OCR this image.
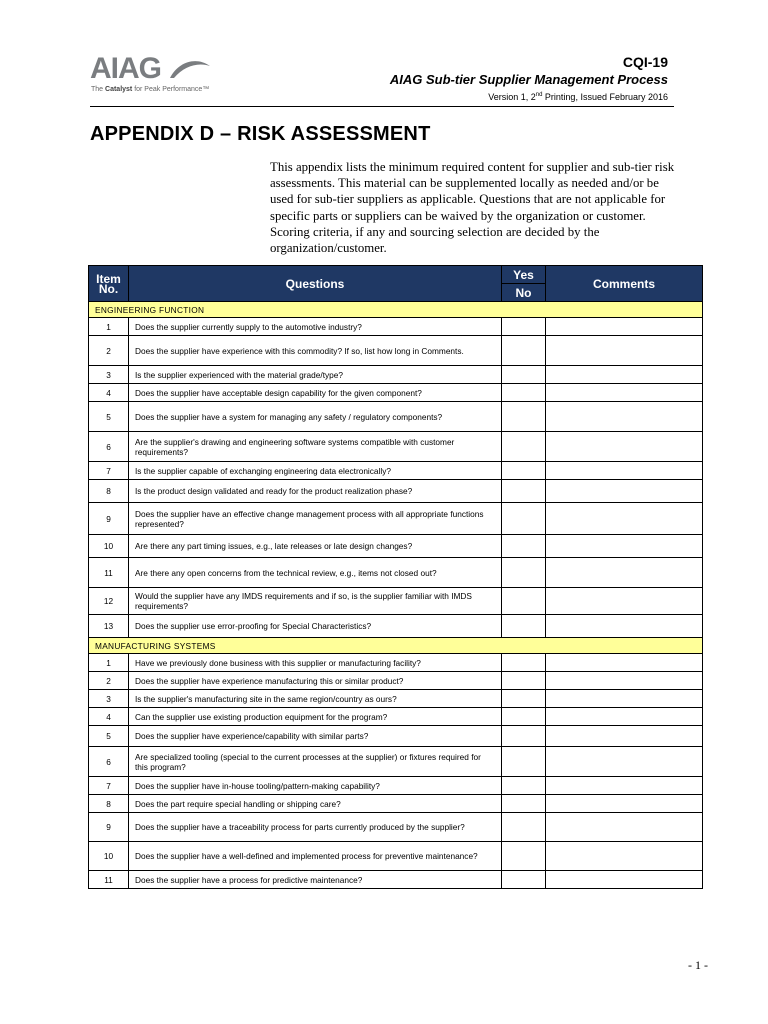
AIAG
The Catalyst for Peak Performance™
CQI-19
AIAG Sub-tier Supplier Management Process
Version 1, 2nd Printing, Issued February 2016
APPENDIX D – RISK ASSESSMENT
This appendix lists the minimum required content for supplier and sub-tier risk assessments. This material can be supplemented locally as needed and/or be used for sub-tier suppliers as applicable. Questions that are not applicable for specific parts or suppliers can be waived by the organization or customer. Scoring criteria, if any and sourcing selection are decided by the organization/customer.
Item No.	Questions	Yes	Comments
		No	
ENGINEERING FUNCTION			
1	Does the supplier currently supply to the automotive industry?		
2	Does the supplier have experience with this commodity? If so, list how long in Comments.		
3	Is the supplier experienced with the material grade/type?		
4	Does the supplier have acceptable design capability for the given component?		
5	Does the supplier have a system for managing any safety / regulatory components?		
6	Are the supplier's drawing and engineering software systems compatible with customer requirements?		
7	Is the supplier capable of exchanging engineering data electronically?		
8	Is the product design validated and ready for the product realization phase?		
9	Does the supplier have an effective change management process with all appropriate functions represented?		
10	Are there any part timing issues, e.g., late releases or late design changes?		
11	Are there any open concerns from the technical review, e.g., items not closed out?		
12	Would the supplier have any IMDS requirements and if so, is the supplier familiar with IMDS requirements?		
13	Does the supplier use error-proofing for Special Characteristics?		
MANUFACTURING SYSTEMS			
1	Have we previously done business with this supplier or manufacturing facility?		
2	Does the supplier have experience manufacturing this or similar product?		
3	Is the supplier's manufacturing site in the same region/country as ours?		
4	Can the supplier use existing production equipment for the program?		
5	Does the supplier have experience/capability with similar parts?		
6	Are specialized tooling (special to the current processes at the supplier) or fixtures required for this program?		
7	Does the supplier have in-house tooling/pattern-making capability?		
8	Does the part require special handling or shipping care?		
9	Does the supplier have a traceability process for parts currently produced by the supplier?		
10	Does the supplier have a well-defined and implemented process for preventive maintenance?		
11	Does the supplier have a process for predictive maintenance?		
- 1 -
